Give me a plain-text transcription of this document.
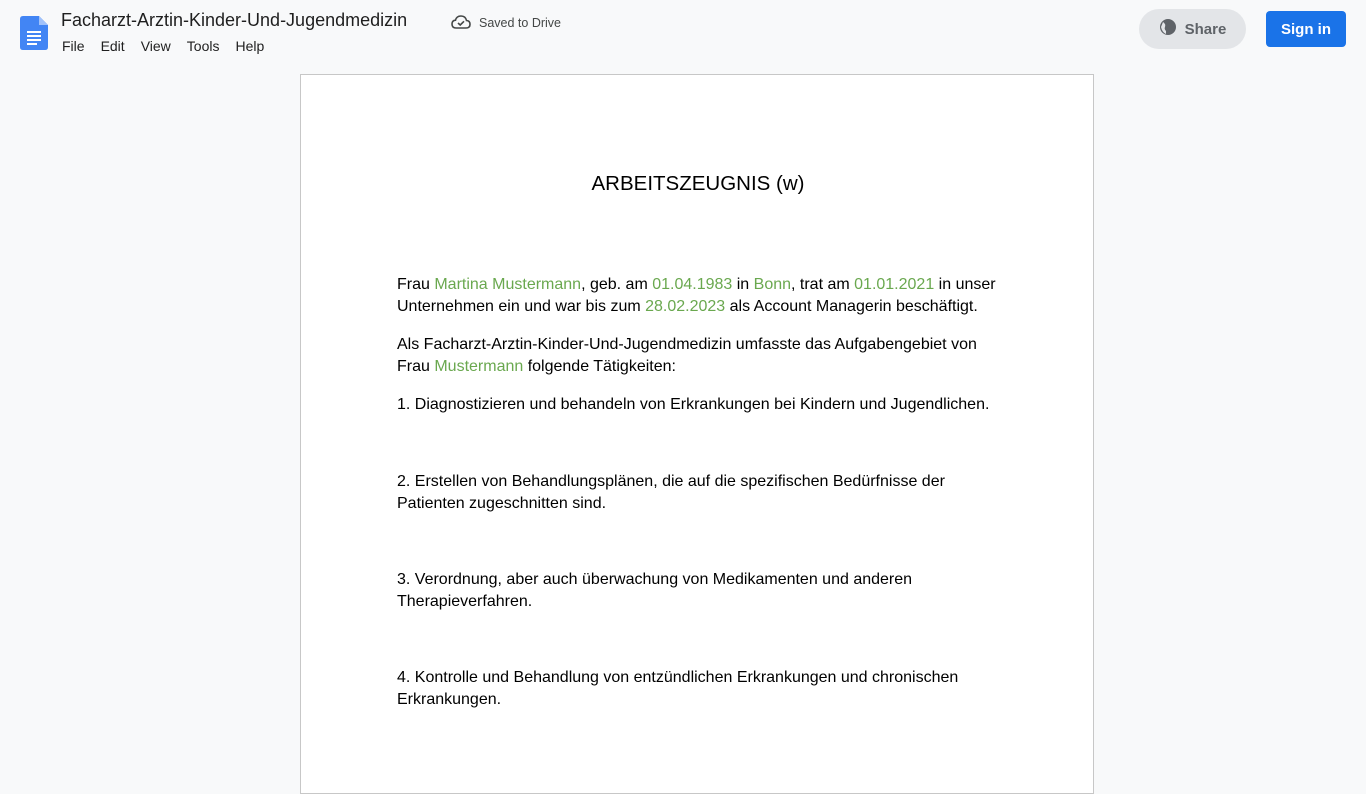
Facharzt-Arztin-Kinder-Und-Jugendmedizin	Saved to Drive
File	Edit	View	Tools	Help
Share	Sign in
ARBEITSZEUGNIS (w)
Frau Martina Mustermann, geb. am 01.04.1983 in Bonn, trat am 01.01.2021 in unser Unternehmen ein und war bis zum 28.02.2023 als Account Managerin beschäftigt.
Als Facharzt-Arztin-Kinder-Und-Jugendmedizin umfasste das Aufgabengebiet von Frau Mustermann folgende Tätigkeiten:
1. Diagnostizieren und behandeln von Erkrankungen bei Kindern und Jugendlichen.
2. Erstellen von Behandlungsplänen, die auf die spezifischen Bedürfnisse der Patienten zugeschnitten sind.
3. Verordnung, aber auch überwachung von Medikamenten und anderen Therapieverfahren.
4. Kontrolle und Behandlung von entzündlichen Erkrankungen und chronischen Erkrankungen.
